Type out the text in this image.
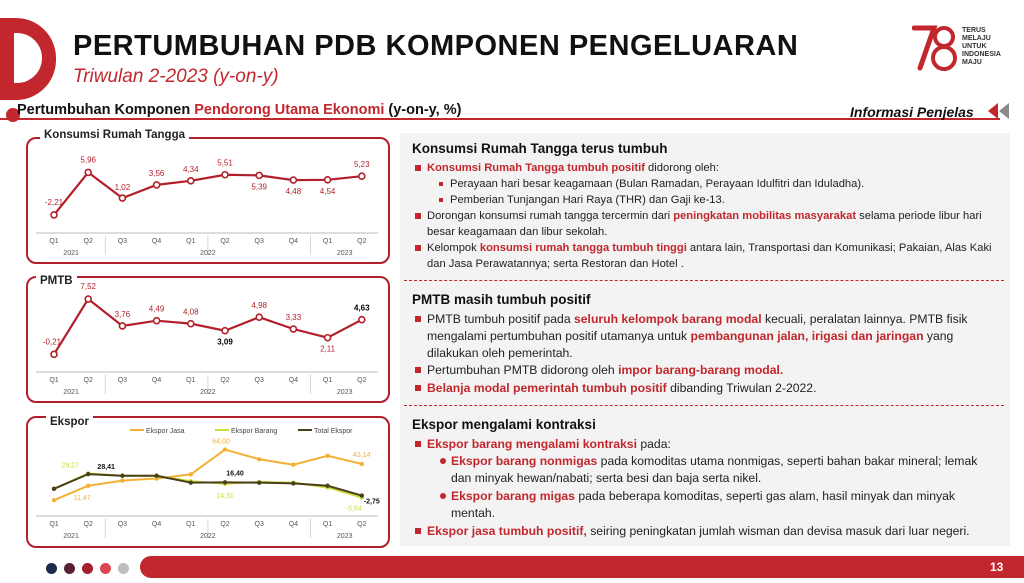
PERTUMBUHAN PDB KOMPONEN PENGELUARAN
Triwulan 2-2023 (y-on-y)	78
TERUS
MELAJU
UNTUK
INDONESIA
MAJU
Pertumbuhan Komponen Pendorong Utama Ekonomi (y-on-y, %)	Informasi Penjelas
Konsumsi Rumah Tangga
-2,21
5,96
1,02
3,56 4,34
5,51
5,39
4,48 4,54
5,23
Q1	Q2	Q3	Q4	Q1	Q2	Q3	Q4	Q1	Q2
2021	2022	2023
PMTB
-0,21
7,52
3,76
4,49 4,08
3,09
4,98
3,33
2,11
4,63
Q1	Q2	Q3	Q4	Q1	Q2	Q3	Q4	Q1	Q2
2021	2022	2023
Ekspor
Ekspor Jasa	Ekspor Barang	Total Ekspor
11,47
64,00
43,14
29,27
14,31
-5,64
28,41
16,40
-2,75
Q1	Q2	Q3	Q4	Q1	Q2	Q3	Q4	Q1	Q2
2021	2022	2023
Konsumsi Rumah Tangga terus tumbuh
Konsumsi Rumah Tangga tumbuh positif didorong oleh:
Perayaan hari besar keagamaan (Bulan Ramadan, Perayaan Idulfitri dan Iduladha).
Pemberian Tunjangan Hari Raya (THR) dan Gaji ke-13.
Dorongan konsumsi rumah tangga tercermin dari peningkatan mobilitas masyarakat selama periode libur hari besar keagamaan dan libur sekolah.
Kelompok konsumsi rumah tangga tumbuh tinggi antara lain, Transportasi dan Komunikasi; Pakaian, Alas Kaki dan Jasa Perawatannya; serta Restoran dan Hotel .
PMTB masih tumbuh positif
PMTB tumbuh positif pada seluruh kelompok barang modal kecuali, peralatan lainnya. PMTB fisik mengalami pertumbuhan positif utamanya untuk pembangunan jalan, irigasi dan jaringan yang dilakukan oleh pemerintah.
Pertumbuhan PMTB didorong oleh impor barang-barang modal.
Belanja modal pemerintah tumbuh positif dibanding Triwulan 2-2022.
Ekspor mengalami kontraksi
Ekspor barang mengalami kontraksi pada:
Ekspor barang nonmigas pada komoditas utama nonmigas, seperti bahan bakar mineral; lemak dan minyak hewan/nabati; serta besi dan baja serta nikel.
Ekspor barang migas pada beberapa komoditas, seperti gas alam, hasil minyak dan minyak mentah.
Ekspor jasa tumbuh positif, seiring peningkatan jumlah wisman dan devisa masuk dari luar negeri.
13
